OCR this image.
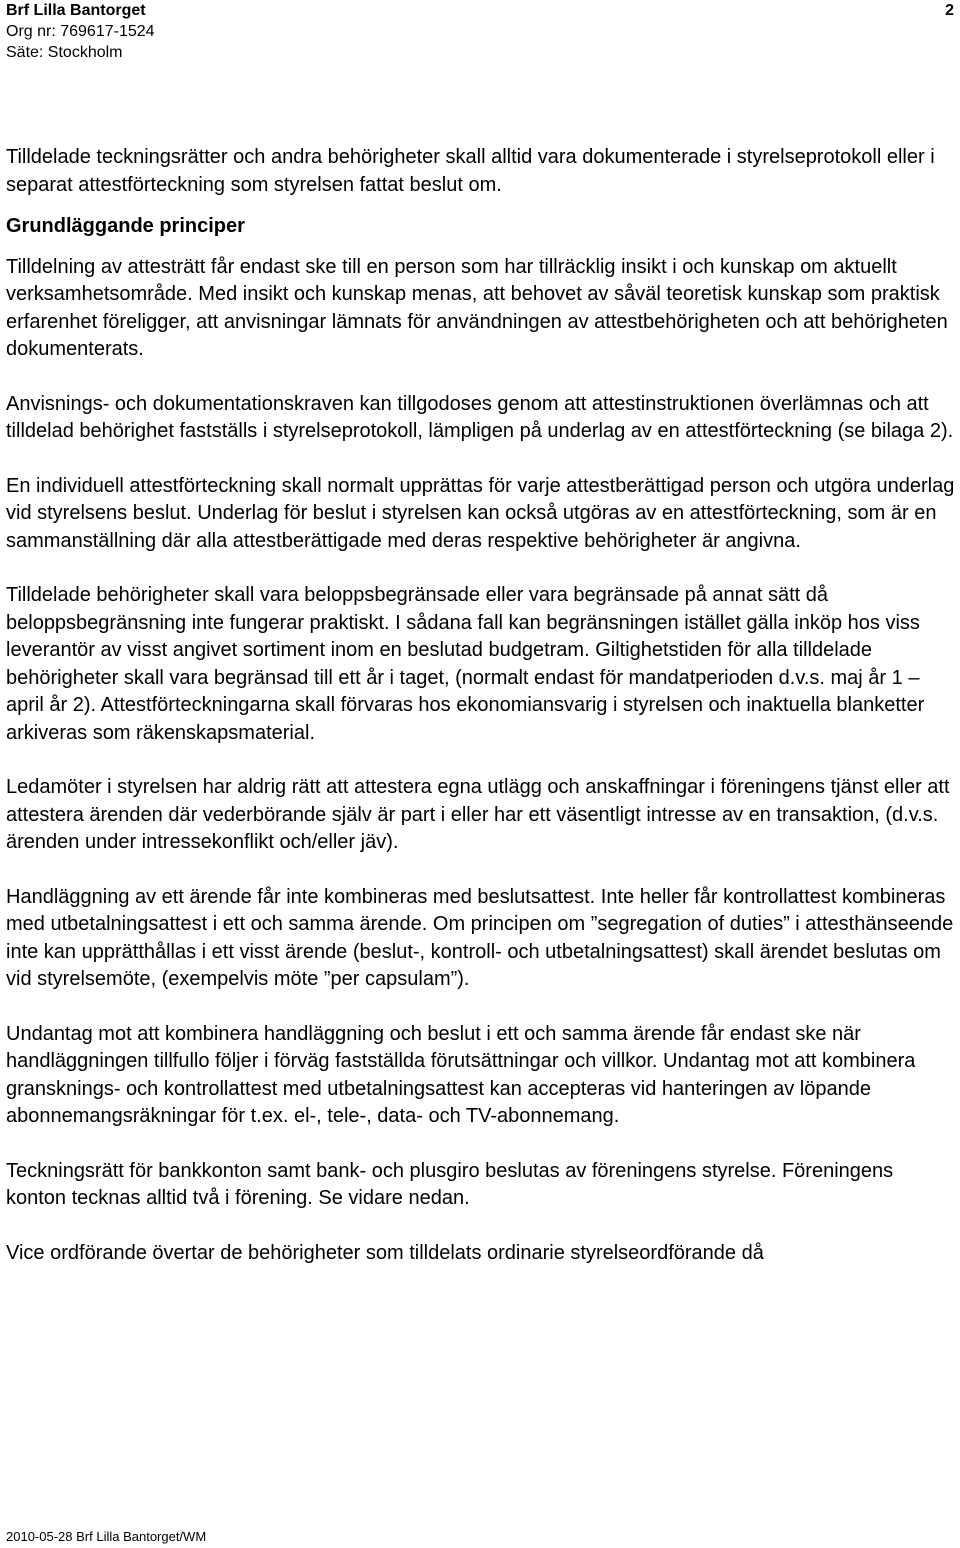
Brf Lilla Bantorget
Org nr: 769617-1524
Säte: Stockholm
2

Tilldelade teckningsrätter och andra behörigheter skall alltid vara dokumenterade i styrelseprotokoll eller i separat attestförteckning som styrelsen fattat beslut om.

Grundläggande principer

Tilldelning av attesträtt får endast ske till en person som har tillräcklig insikt i och kunskap om aktuellt verksamhetsområde. Med insikt och kunskap menas, att behovet av såväl teoretisk kunskap som praktisk erfarenhet föreligger, att anvisningar lämnats för användningen av attestbehörigheten och att behörigheten dokumenterats.

Anvisnings- och dokumentationskraven kan tillgodoses genom att attestinstruktionen överlämnas och att tilldelad behörighet fastställs i styrelseprotokoll, lämpligen på underlag av en attestförteckning (se bilaga 2).

En individuell attestförteckning skall normalt upprättas för varje attestberättigad person och utgöra underlag vid styrelsens beslut. Underlag för beslut i styrelsen kan också utgöras av en attestförteckning, som är en sammanställning där alla attestberättigade med deras respektive behörigheter är angivna.

Tilldelade behörigheter skall vara beloppsbegränsade eller vara begränsade på annat sätt då beloppsbegränsning inte fungerar praktiskt. I sådana fall kan begränsningen istället gälla inköp hos viss leverantör av visst angivet sortiment inom en beslutad budgetram. Giltighetstiden för alla tilldelade behörigheter skall vara begränsad till ett år i taget, (normalt endast för mandatperioden d.v.s. maj år 1 – april år 2). Attestförteckningarna skall förvaras hos ekonomiansvarig i styrelsen och inaktuella blanketter arkiveras som räkenskapsmaterial.

Ledamöter i styrelsen har aldrig rätt att attestera egna utlägg och anskaffningar i föreningens tjänst eller att attestera ärenden där vederbörande själv är part i eller har ett väsentligt intresse av en transaktion, (d.v.s. ärenden under intressekonflikt och/eller jäv).

Handläggning av ett ärende får inte kombineras med beslutsattest. Inte heller får kontrollattest kombineras med utbetalningsattest i ett och samma ärende. Om principen om ”segregation of duties” i attesthänseende inte kan upprätthållas i ett visst ärende (beslut-, kontroll- och utbetalningsattest) skall ärendet beslutas om vid styrelsemöte, (exempelvis möte ”per capsulam”).

Undantag mot att kombinera handläggning och beslut i ett och samma ärende får endast ske när handläggningen tillfullo följer i förväg fastställda förutsättningar och villkor. Undantag mot att kombinera gransknings- och kontrollattest med utbetalningsattest kan accepteras vid hanteringen av löpande abonnemangsräkningar för t.ex. el-, tele-, data- och TV-abonnemang.

Teckningsrätt för bankkonton samt bank- och plusgiro beslutas av föreningens styrelse. Föreningens konton tecknas alltid två i förening. Se vidare nedan.

Vice ordförande övertar de behörigheter som tilldelats ordinarie styrelseordförande då

2010-05-28 Brf Lilla Bantorget/WM
